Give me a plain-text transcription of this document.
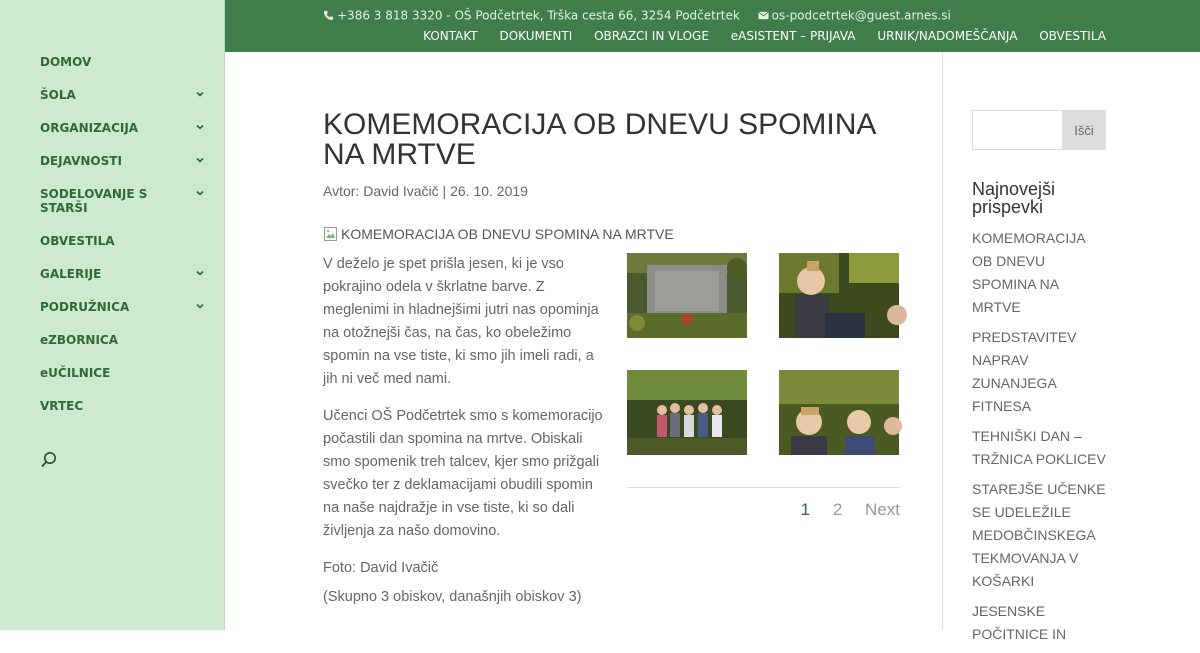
DOMOV
ŠOLA
ORGANIZACIJA
DEJAVNOSTI
SODELOVANJE S STARŠI
OBVESTILA
GALERIJE
PODRUŽNICA
eZBORNICA
eUČILNICE
VRTEC
+386 3 818 3320 - OŠ Podčetrtek, Trška cesta 66, 3254 Podčetrtek	os-podcetrtek@guest.arnes.si
KONTAKT DOKUMENTI OBRAZCI IN VLOGE eASISTENT – PRIJAVA URNIK/NADOMEŠČANJA OBVESTILA
KOMEMORACIJA OB DNEVU SPOMINA NA MRTVE
Avtor: David Ivačič | 26. 10. 2019
KOMEMORACIJA OB DNEVU SPOMINA NA MRTVE

V deželo je spet prišla jesen, ki je vso pokrajino odela v škrlatne barve. Z meglenimi in hladnejšimi jutri nas opominja na otožnejši čas, na čas, ko obeležimo spomin na vse tiste, ki smo jih imeli radi, a jih ni več med nami.

Učenci OŠ Podčetrtek smo s komemoracijo počastili dan spomina na mrtve. Obiskali smo spomenik treh talcev, kjer smo prižgali svečko ter z deklamacijami obudili spomin na naše najdražje in vse tiste, ki so dali življenja za našo domovino.

Foto: David Ivačič

(Skupno 3 obiskov, današnjih obiskov 3)

1 2 Next
Išči
Najnovejši prispevki
KOMEMORACIJA OB DNEVU SPOMINA NA MRTVE
PREDSTAVITEV NAPRAV ZUNANJEGA FITNESA
TEHNIŠKI DAN – TRŽNICA POKLICEV
STAREJŠE UČENKE SE UDELEŽILE MEDOBČINSKEGA TEKMOVANJA V KOŠARKI
JESENSKE POČITNICE IN
